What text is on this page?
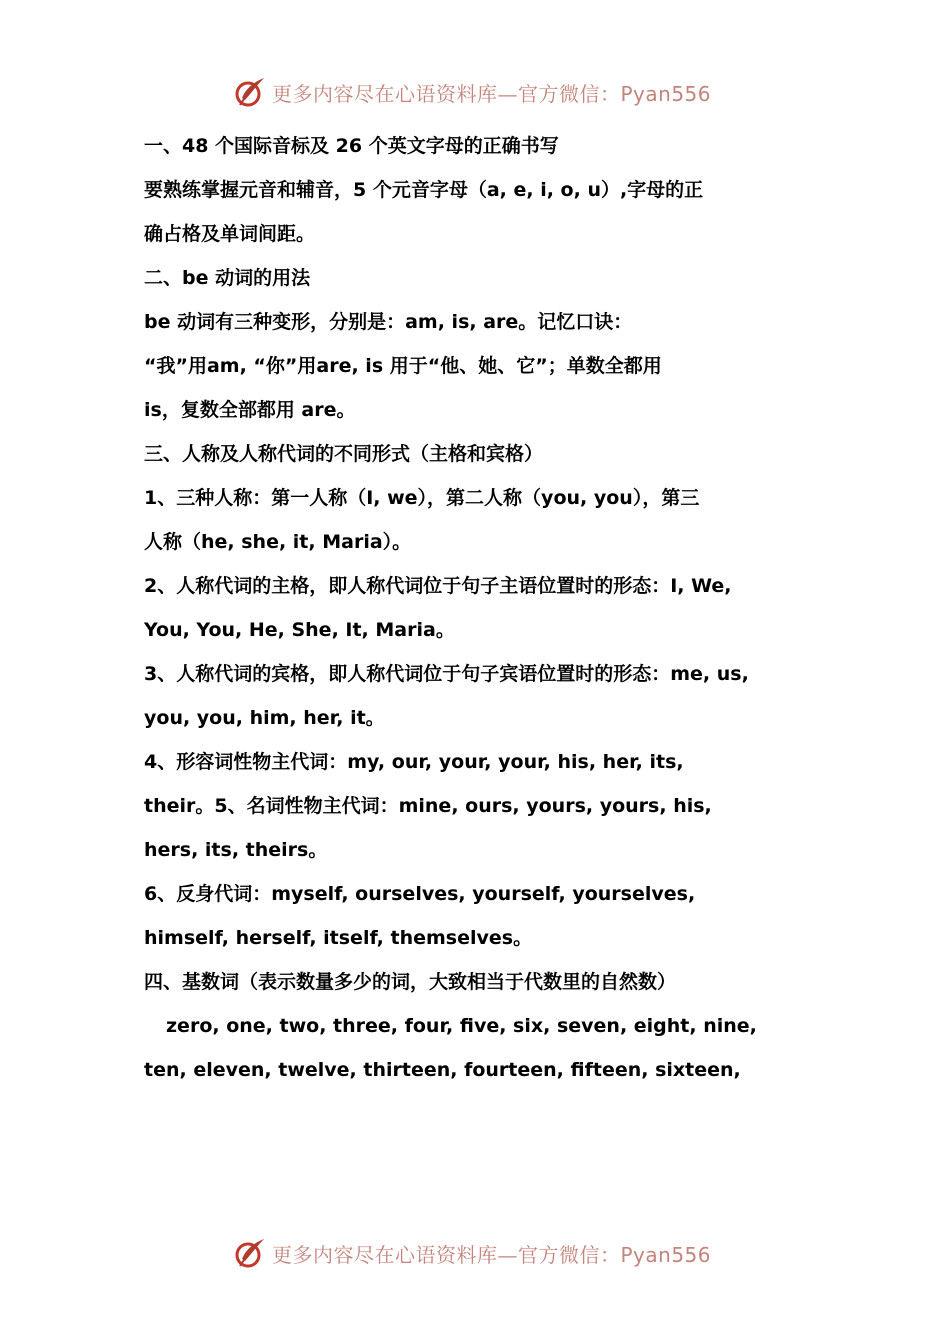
更多内容尽在心语资料库—官方微信：Pyan556
一、48 个国际音标及 26 个英文字母的正确书写
要熟练掌握元音和辅音，5 个元音字母（a, e, i, o, u）,字母的正
确占格及单词间距。
二、be 动词的用法
be 动词有三种变形，分别是：am, is, are。记忆口诀：
“我”用am, “你”用are, is 用于“他、她、它”；单数全都用
is，复数全部都用 are。
三、人称及人称代词的不同形式（主格和宾格）
1、三种人称：第一人称（I, we），第二人称（you, you），第三
人称（he, she, it, Maria）。
2、人称代词的主格，即人称代词位于句子主语位置时的形态：I, We,
You, You, He, She, It, Maria。
3、人称代词的宾格，即人称代词位于句子宾语位置时的形态：me, us,
you, you, him, her, it。
4、形容词性物主代词：my, our, your, your, his, her, its,
their。5、名词性物主代词：mine, ours, yours, yours, his,
hers, its, theirs。
6、反身代词：myself, ourselves, yourself, yourselves,
himself, herself, itself, themselves。
四、基数词（表示数量多少的词，大致相当于代数里的自然数）
zero, one, two, three, four, five, six, seven, eight, nine,
ten, eleven, twelve, thirteen, fourteen, fifteen, sixteen,
更多内容尽在心语资料库—官方微信：Pyan556
